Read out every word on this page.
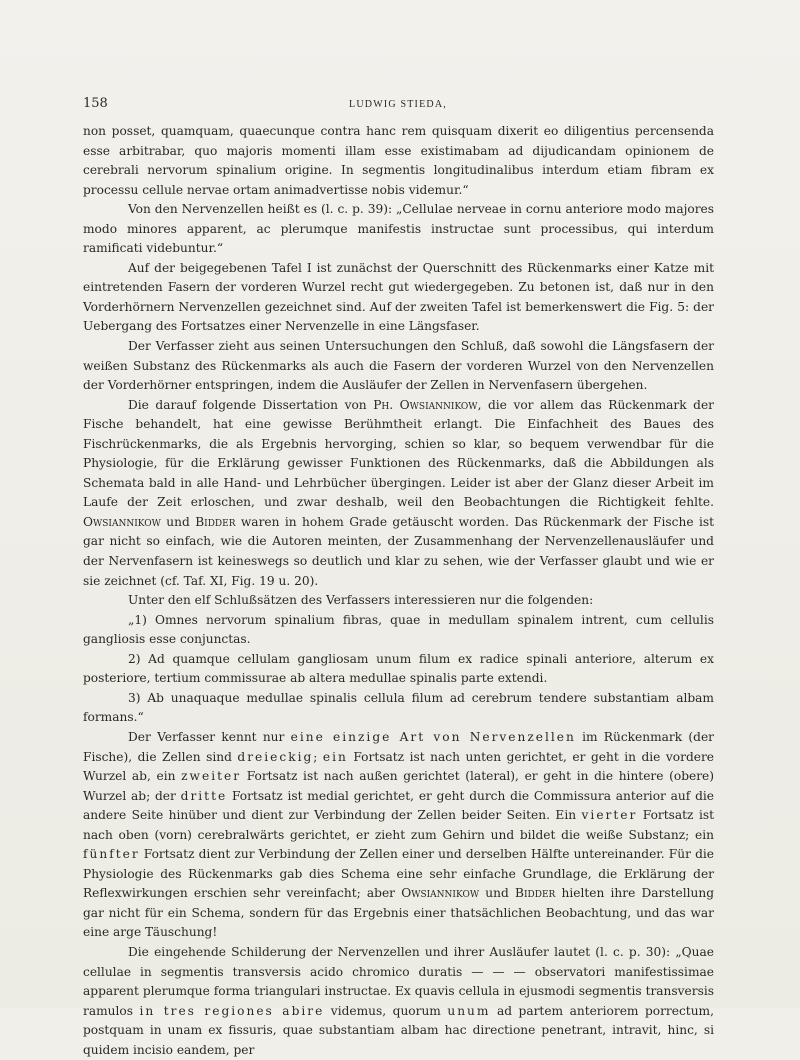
158	LUDWIG STIEDA,

non posset, quamquam, quaecunque contra hanc rem quisquam dixerit eo diligentius percensenda esse arbitrabar, quo majoris momenti illam esse existimabam ad dijudicandam opinionem de cerebrali nervorum spinalium origine. In segmentis longitudinalibus interdum etiam fibram ex processu cellule nervae ortam animadvertisse nobis videmur.“

Von den Nervenzellen heißt es (l. c. p. 39): „Cellulae nerveae in cornu anteriore modo majores modo minores apparent, ac plerumque manifestis instructae sunt processibus, qui interdum ramificati videbuntur.“

Auf der beigegebenen Tafel I ist zunächst der Querschnitt des Rückenmarks einer Katze mit eintretenden Fasern der vorderen Wurzel recht gut wiedergegeben. Zu betonen ist, daß nur in den Vorderhörnern Nervenzellen gezeichnet sind. Auf der zweiten Tafel ist bemerkenswert die Fig. 5: der Uebergang des Fortsatzes einer Nervenzelle in eine Längsfaser.

Der Verfasser zieht aus seinen Untersuchungen den Schluß, daß sowohl die Längsfasern der weißen Substanz des Rückenmarks als auch die Fasern der vorderen Wurzel von den Nervenzellen der Vorderhörner entspringen, indem die Ausläufer der Zellen in Nervenfasern übergehen.

Die darauf folgende Dissertation von Ph. Owsiannikow, die vor allem das Rückenmark der Fische behandelt, hat eine gewisse Berühmtheit erlangt. Die Einfachheit des Baues des Fischrückenmarks, die als Ergebnis hervorging, schien so klar, so bequem verwendbar für die Physiologie, für die Erklärung gewisser Funktionen des Rückenmarks, daß die Abbildungen als Schemata bald in alle Hand- und Lehrbücher übergingen. Leider ist aber der Glanz dieser Arbeit im Laufe der Zeit erloschen, und zwar deshalb, weil den Beobachtungen die Richtigkeit fehlte. Owsiannikow und Bidder waren in hohem Grade getäuscht worden. Das Rückenmark der Fische ist gar nicht so einfach, wie die Autoren meinten, der Zusammenhang der Nervenzellenausläufer und der Nervenfasern ist keineswegs so deutlich und klar zu sehen, wie der Verfasser glaubt und wie er sie zeichnet (cf. Taf. XI, Fig. 19 u. 20).

Unter den elf Schlußsätzen des Verfassers interessieren nur die folgenden:

„1) Omnes nervorum spinalium fibras, quae in medullam spinalem intrent, cum cellulis gangliosis esse conjunctas.

2) Ad quamque cellulam gangliosam unum filum ex radice spinali anteriore, alterum ex posteriore, tertium commissurae ab altera medullae spinalis parte extendi.

3) Ab unaquaque medullae spinalis cellula filum ad cerebrum tendere substantiam albam formans.“

Der Verfasser kennt nur eine einzige Art von Nervenzellen im Rückenmark (der Fische), die Zellen sind dreieckig; ein Fortsatz ist nach unten gerichtet, er geht in die vordere Wurzel ab, ein zweiter Fortsatz ist nach außen gerichtet (lateral), er geht in die hintere (obere) Wurzel ab; der dritte Fortsatz ist medial gerichtet, er geht durch die Commissura anterior auf die andere Seite hinüber und dient zur Verbindung der Zellen beider Seiten. Ein vierter Fortsatz ist nach oben (vorn) cerebralwärts gerichtet, er zieht zum Gehirn und bildet die weiße Substanz; ein fünfter Fortsatz dient zur Verbindung der Zellen einer und derselben Hälfte untereinander. Für die Physiologie des Rückenmarks gab dies Schema eine sehr einfache Grundlage, die Erklärung der Reflexwirkungen erschien sehr vereinfacht; aber Owsiannikow und Bidder hielten ihre Darstellung gar nicht für ein Schema, sondern für das Ergebnis einer thatsächlichen Beobachtung, und das war eine arge Täuschung!

Die eingehende Schilderung der Nervenzellen und ihrer Ausläufer lautet (l. c. p. 30): „Quae cellulae in segmentis transversis acido chromico duratis — — — observatori manifestissimae apparent plerumque forma triangulari instructae. Ex quavis cellula in ejusmodi segmentis transversis ramulos in tres regiones abire videmus, quorum unum ad partem anteriorem porrectum, postquam in unam ex fissuris, quae substantiam albam hac directione penetrant, intravit, hinc, si quidem incisio eandem, per
